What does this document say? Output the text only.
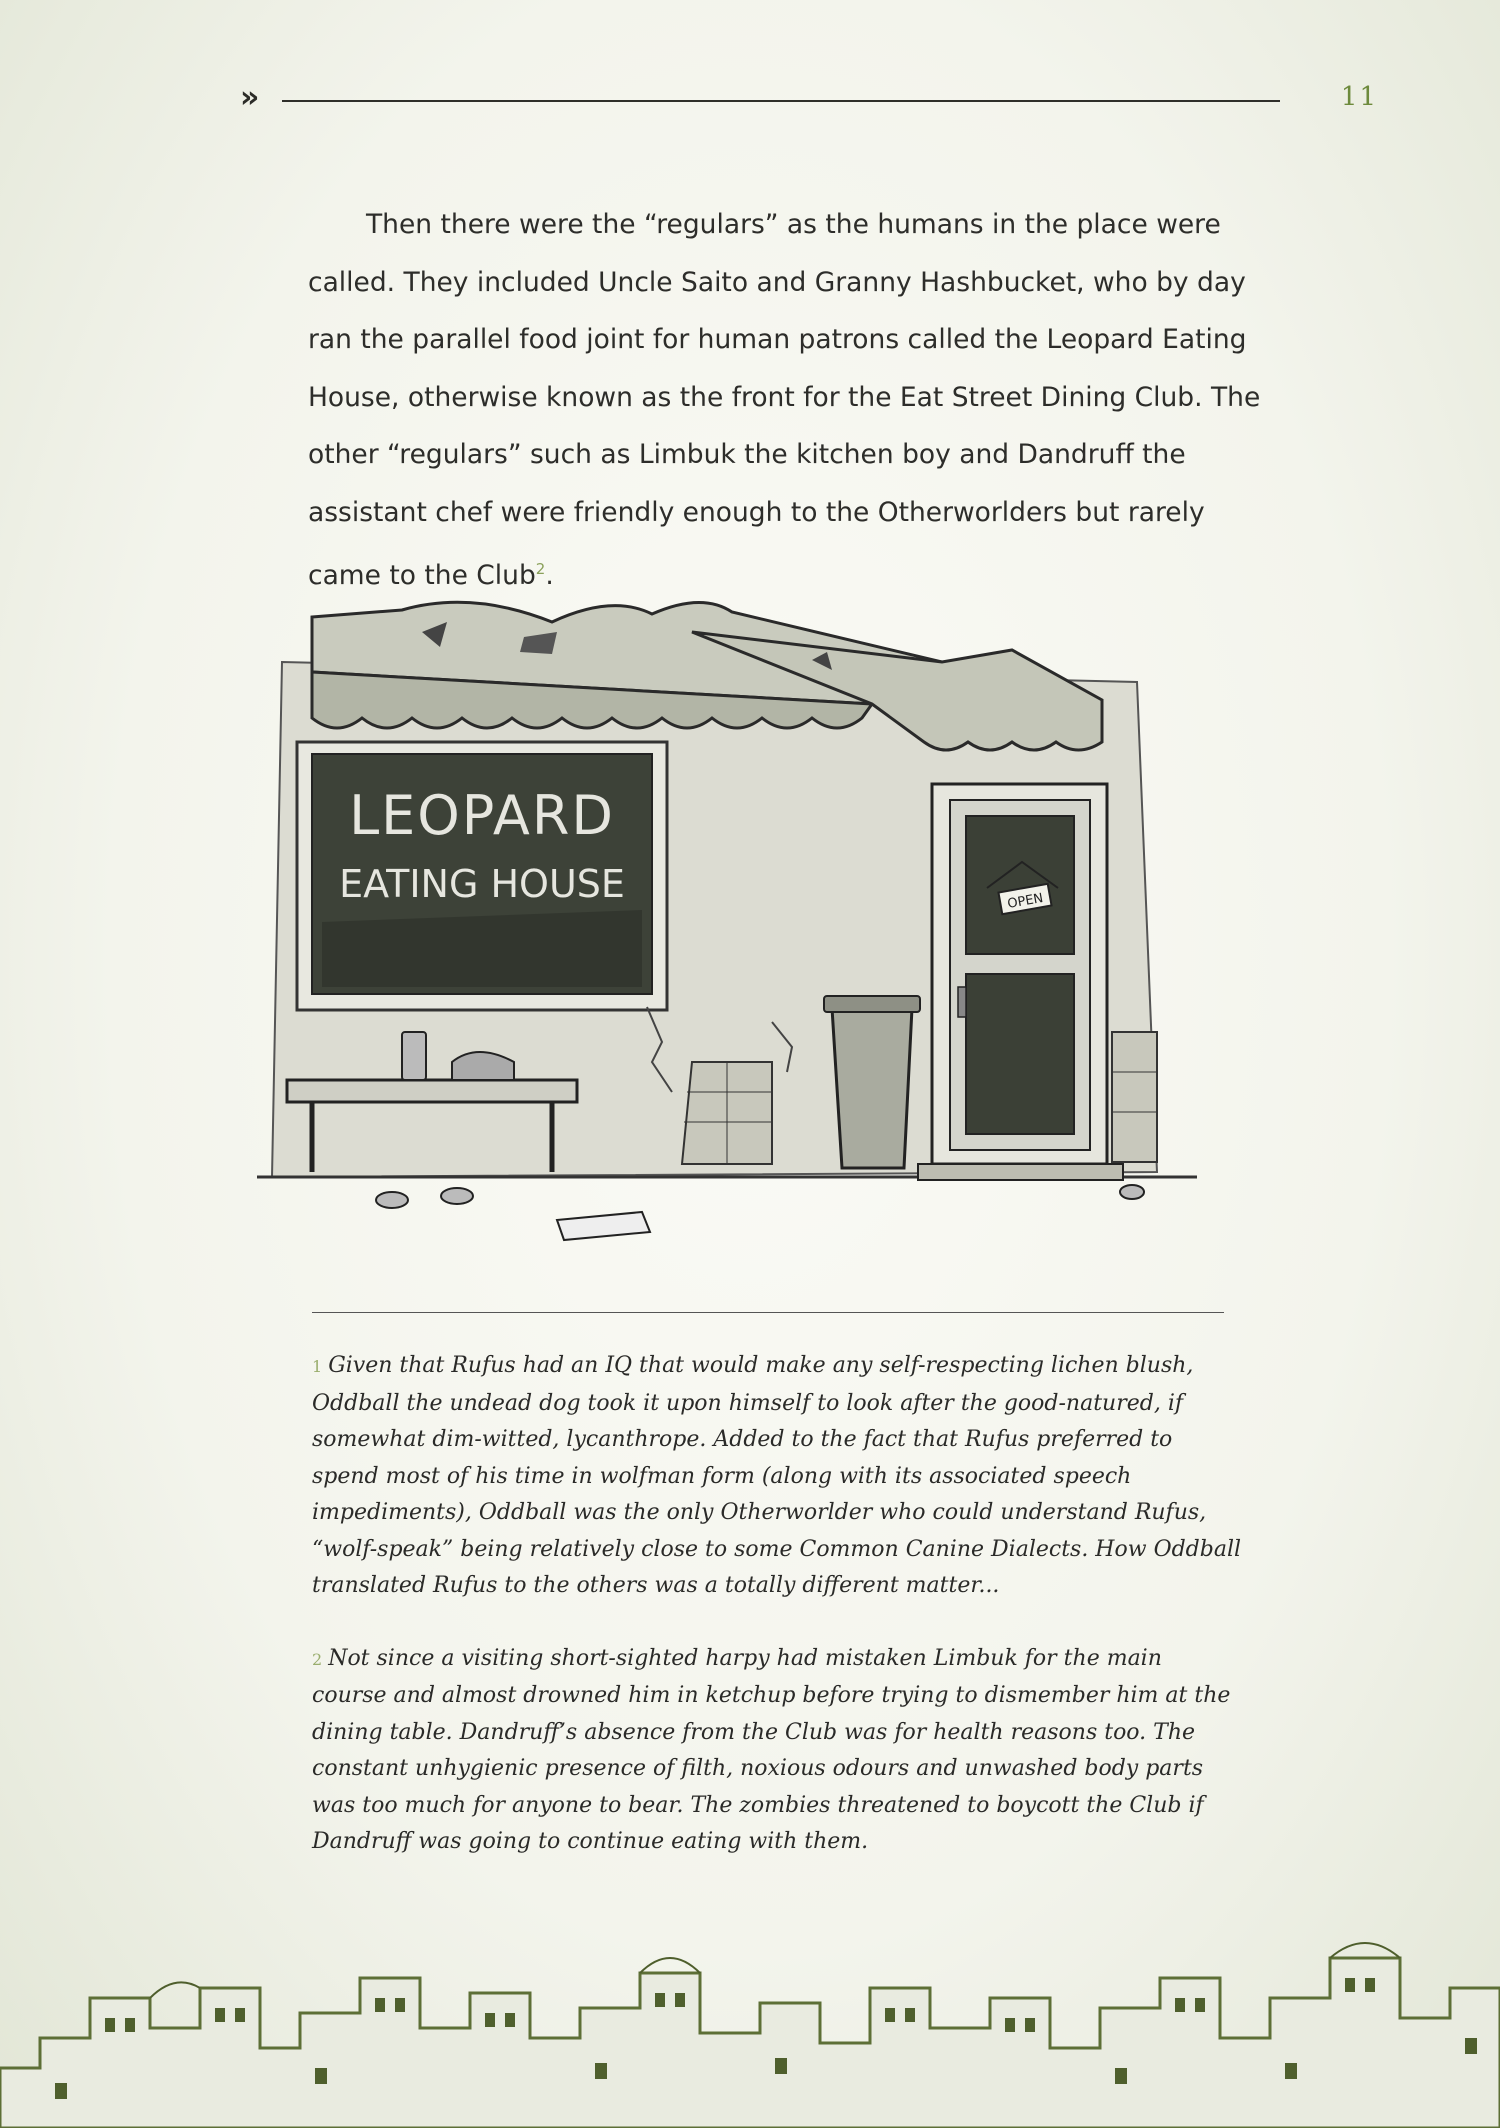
»	11

Then there were the “regulars” as the humans in the place were called. They included Uncle Saito and Granny Hashbucket, who by day ran the parallel food joint for human patrons called the Leopard Eating House, otherwise known as the front for the Eat Street Dining Club. The other “regulars” such as Limbuk the kitchen boy and Dandruff the assistant chef were friendly enough to the Otherworlders but rarely came to the Club$^2$.

LEOPARD
EATING HOUSE	OPEN

1 Given that Rufus had an IQ that would make any self-respecting lichen blush, Oddball the undead dog took it upon himself to look after the good-natured, if somewhat dim-witted, lycanthrope. Added to the fact that Rufus preferred to spend most of his time in wolfman form (along with its associated speech impediments), Oddball was the only Otherworlder who could understand Rufus, “wolf-speak” being relatively close to some Common Canine Dialects. How Oddball translated Rufus to the others was a totally different matter...

2 Not since a visiting short-sighted harpy had mistaken Limbuk for the main course and almost drowned him in ketchup before trying to dismember him at the dining table. Dandruff’s absence from the Club was for health reasons too. The constant unhygienic presence of filth, noxious odours and unwashed body parts was too much for anyone to bear. The zombies threatened to boycott the Club if Dandruff was going to continue eating with them.
